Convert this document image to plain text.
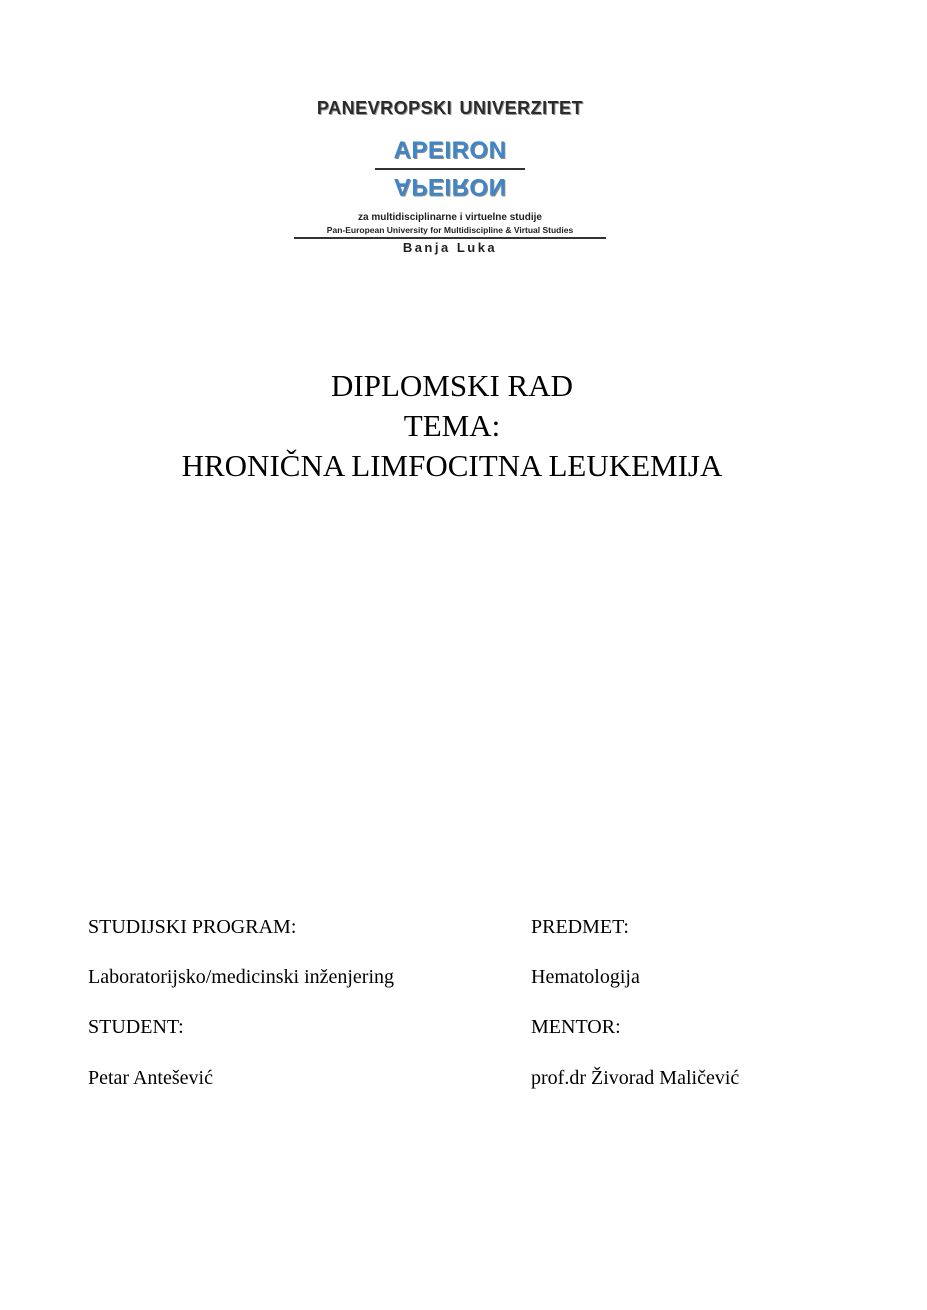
panevropski univerzitet
apeiron
apeiron
za multidisciplinarne i virtuelne studije
Pan-European University for Multidiscipline & Virtual Studies
Banja Luka
DIPLOMSKI RAD
TEMA:
HRONIČNA LIMFOCITNA LEUKEMIJA
STUDIJSKI PROGRAM:	PREDMET:
Laboratorijsko/medicinski inženjering	Hematologija
STUDENT:	MENTOR:
Petar Antešević	prof.dr Živorad Maličević
